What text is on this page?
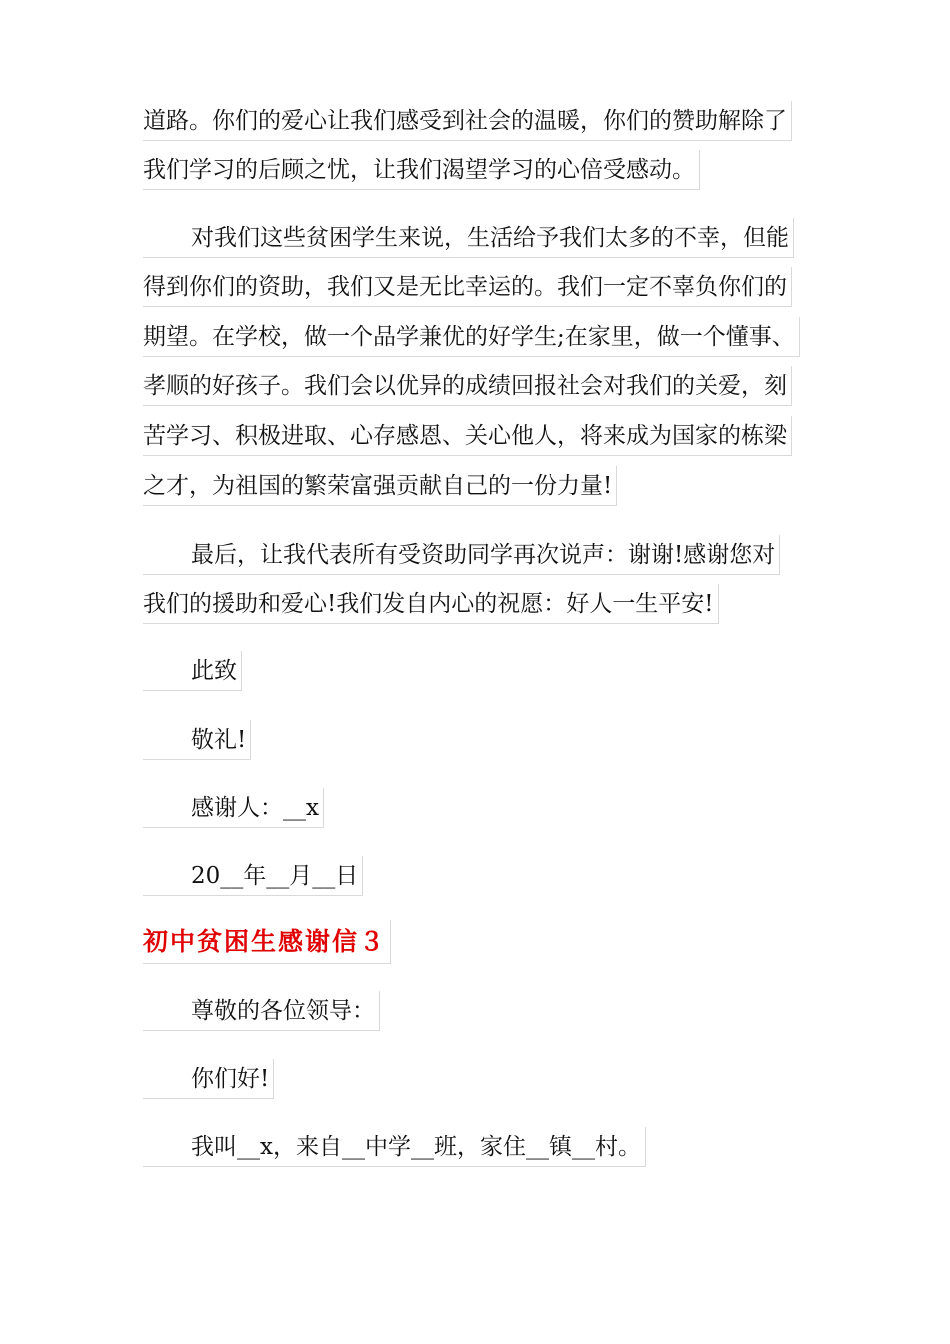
道路。你们的爱心让我们感受到社会的温暖，你们的赞助解除了
我们学习的后顾之忧，让我们渴望学习的心倍受感动。
对我们这些贫困学生来说，生活给予我们太多的不幸，但能
得到你们的资助，我们又是无比幸运的。我们一定不辜负你们的
期望。在学校，做一个品学兼优的好学生;在家里，做一个懂事、
孝顺的好孩子。我们会以优异的成绩回报社会对我们的关爱，刻
苦学习、积极进取、心存感恩、关心他人，将来成为国家的栋梁
之才，为祖国的繁荣富强贡献自己的一份力量!
最后，让我代表所有受资助同学再次说声：谢谢!感谢您对
我们的援助和爱心!我们发自内心的祝愿：好人一生平安!
此致
敬礼!
感谢人：__x
20__年__月__日
初中贫困生感谢信３
尊敬的各位领导：
你们好!
我叫__x，来自__中学__班，家住__镇__村。
